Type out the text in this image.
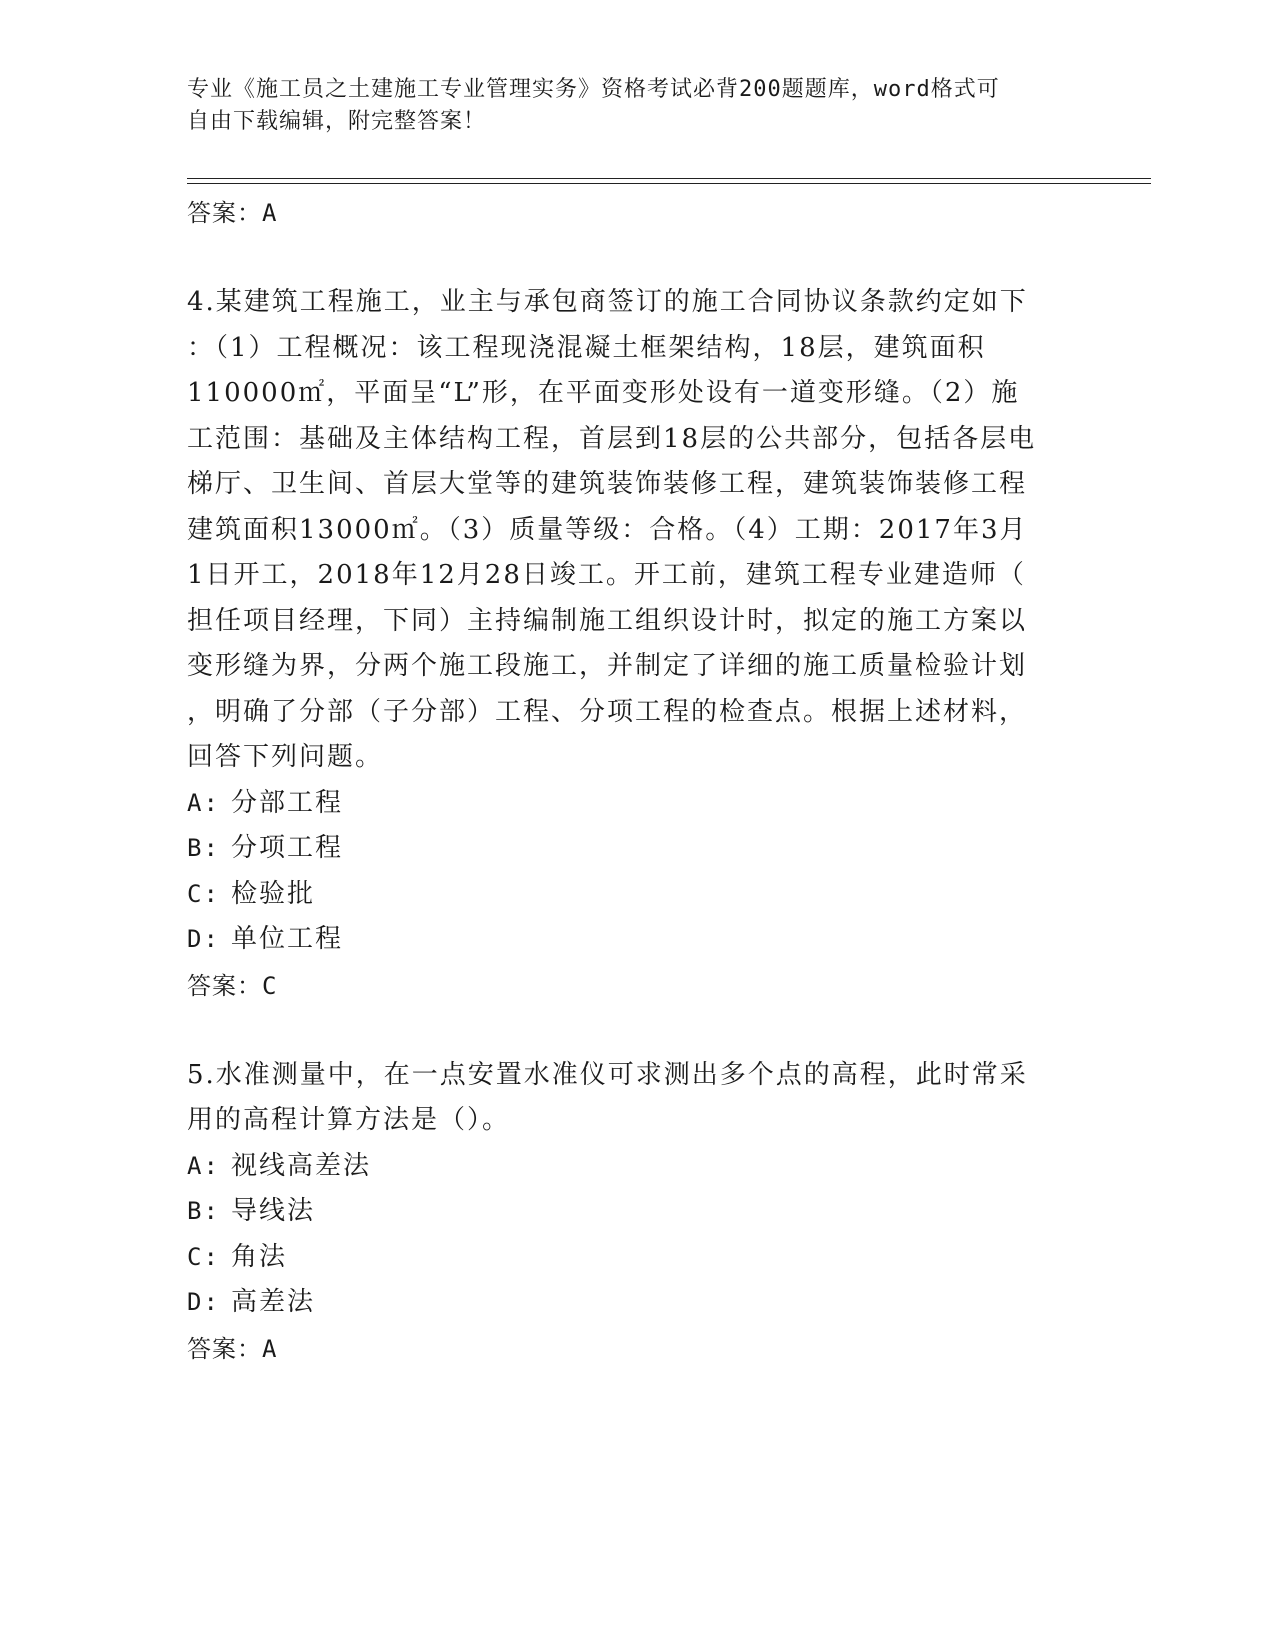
专业《施工员之土建施工专业管理实务》资格考试必背200题题库，word格式可
自由下载编辑，附完整答案！

答案：A

4.某建筑工程施工，业主与承包商签订的施工合同协议条款约定如下

：（1）工程概况：该工程现浇混凝土框架结构，18层，建筑面积

110000㎡，平面呈“L”形，在平面变形处设有一道变形缝。（2）施

工范围：基础及主体结构工程，首层到18层的公共部分，包括各层电

梯厅、卫生间、首层大堂等的建筑装饰装修工程，建筑装饰装修工程

建筑面积13000㎡。（3）质量等级：合格。（4）工期：2017年3月

1日开工，2018年12月28日竣工。开工前，建筑工程专业建造师（

担任项目经理，下同）主持编制施工组织设计时，拟定的施工方案以

变形缝为界，分两个施工段施工，并制定了详细的施工质量检验计划

，明确了分部（子分部）工程、分项工程的检查点。根据上述材料，

回答下列问题。

A: 分部工程

B: 分项工程

C: 检验批

D: 单位工程

答案：C

5.水准测量中，在一点安置水准仪可求测出多个点的高程，此时常采

用的高程计算方法是（）。

A: 视线高差法

B: 导线法

C: 角法

D: 高差法

答案：A
